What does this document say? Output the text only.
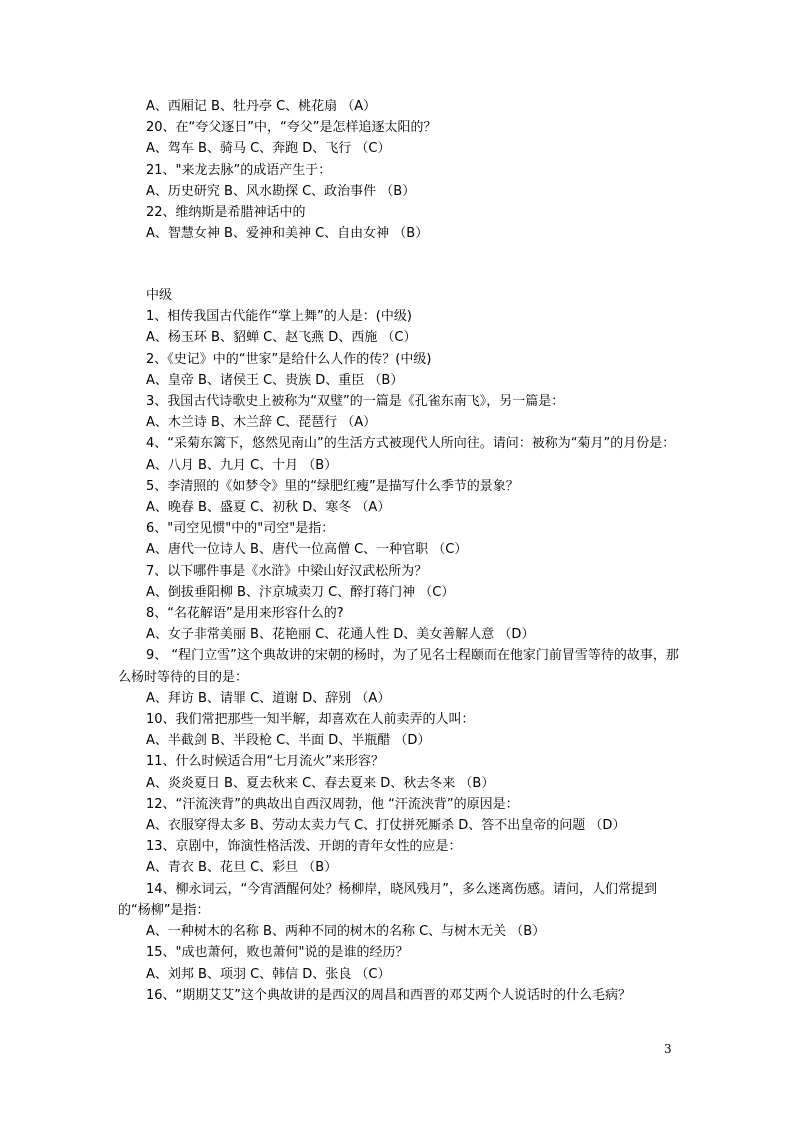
A、西厢记 B、牡丹亭 C、桃花扇 （A）
20、在“夸父逐日”中，“夸父”是怎样追逐太阳的？
A、驾车 B、骑马 C、奔跑 D、飞行 （C）
21、"来龙去脉”的成语产生于：
A、历史研究 B、风水勘探 C、政治事件 （B）
22、维纳斯是希腊神话中的
A、智慧女神 B、爱神和美神 C、自由女神 （B）
中级
1、相传我国古代能作“掌上舞”的人是：(中级)
A、杨玉环 B、貂蝉 C、赵飞燕 D、西施 （C）
2、《史记》中的“世家”是给什么人作的传？(中级)
A、皇帝 B、诸侯王 C、贵族 D、重臣 （B）
3、我国古代诗歌史上被称为“双璧”的一篇是《孔雀东南飞》，另一篇是：
A、木兰诗 B、木兰辞 C、琵琶行 （A）
4、“采菊东篱下，悠然见南山”的生活方式被现代人所向往。请问：被称为“菊月”的月份是：
A、八月 B、九月 C、十月 （B）
5、李清照的《如梦令》里的“绿肥红瘦”是描写什么季节的景象？
A、晚春 B、盛夏 C、初秋 D、寒冬 （A）
6、"司空见惯"中的"司空"是指：
A、唐代一位诗人 B、唐代一位高僧 C、一种官职 （C）
7、以下哪件事是《水浒》中梁山好汉武松所为？
A、倒拔垂阳柳 B、汴京城卖刀 C、醉打蒋门神 （C）
8、“名花解语”是用来形容什么的?
A、女子非常美丽 B、花艳丽 C、花通人性 D、美女善解人意 （D）
9、 “程门立雪”这个典故讲的宋朝的杨时，为了见名士程颐而在他家门前冒雪等待的故事，那么杨时等待的目的是：
A、拜访 B、请罪 C、道谢 D、辞别 （A）
10、我们常把那些一知半解，却喜欢在人前卖弄的人叫：
A、半截剑 B、半段枪 C、半面 D、半瓶醋 （D）
11、什么时候适合用“七月流火”来形容？
A、炎炎夏日 B、夏去秋来 C、春去夏来 D、秋去冬来 （B）
12、“汗流浃背”的典故出自西汉周勃，他 “汗流浃背”的原因是：
A、衣服穿得太多 B、劳动太卖力气 C、打仗拼死厮杀 D、答不出皇帝的问题 （D）
13、京剧中，饰演性格活泼、开朗的青年女性的应是：
A、青衣 B、花旦 C、彩旦 （B）
14、柳永词云，“今宵酒醒何处？杨柳岸，晓风残月”，多么迷离伤感。请问，人们常提到的“杨柳”是指：
A、一种树木的名称 B、两种不同的树木的名称 C、与树木无关 （B）
15、"成也萧何，败也萧何"说的是谁的经历？
A、刘邦 B、项羽 C、韩信 D、张良 （C）
16、“期期艾艾”这个典故讲的是西汉的周昌和西晋的邓艾两个人说话时的什么毛病？
3
